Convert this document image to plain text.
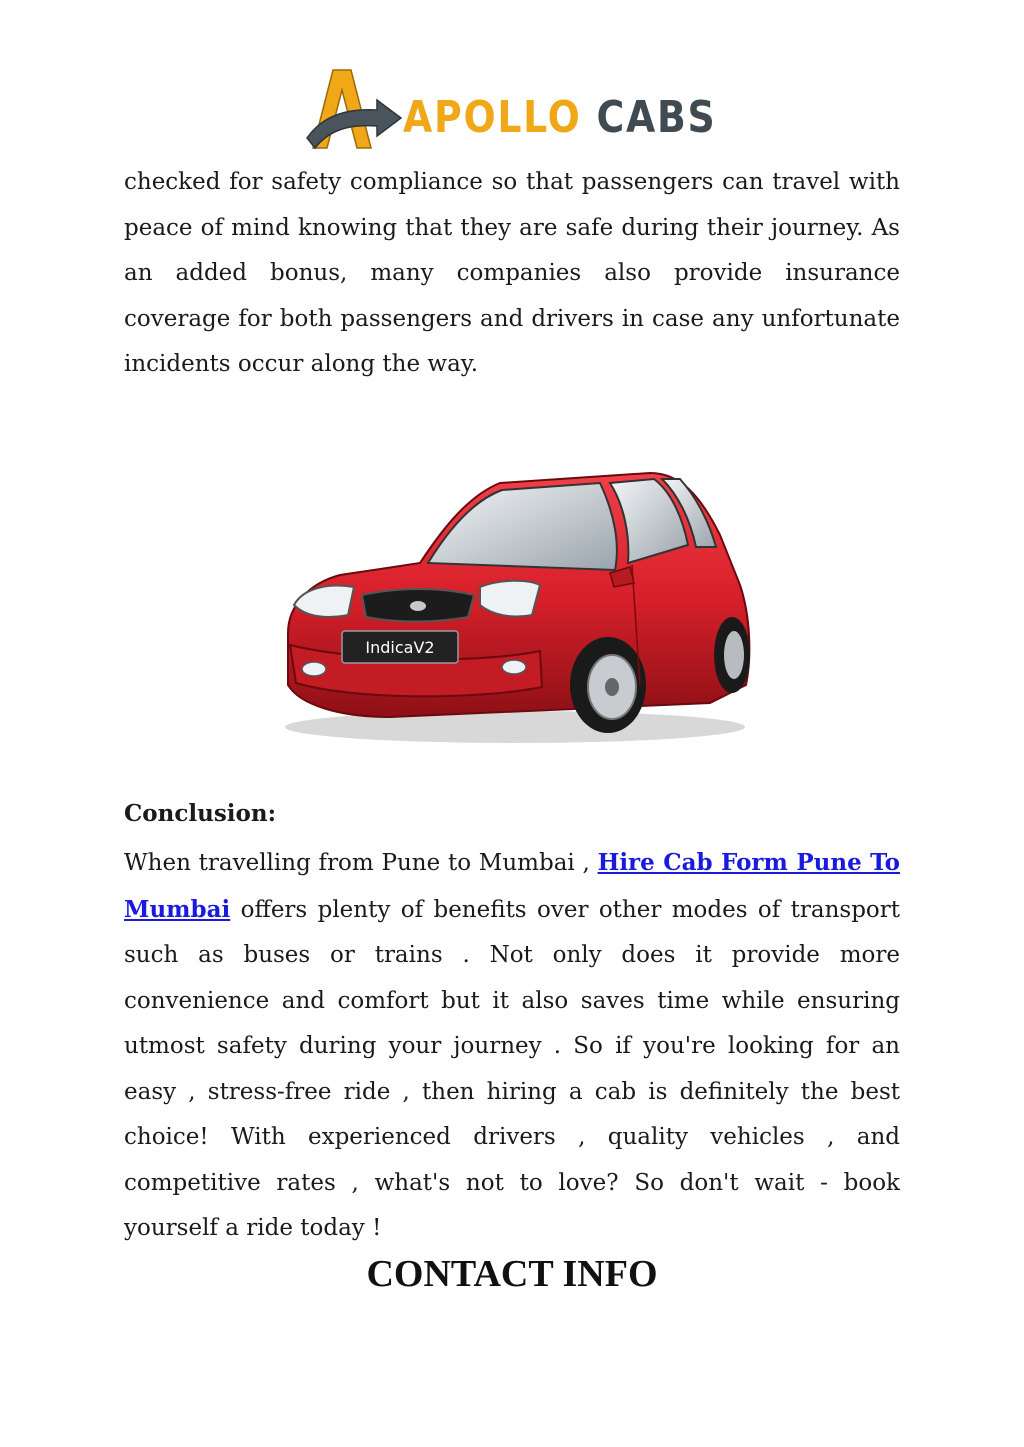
APOLLO CABS

checked for safety compliance so that passengers can travel with peace of mind knowing that they are safe during their journey. As an added bonus, many companies also provide insurance coverage for both passengers and drivers in case any unfortunate incidents occur along the way.

IndicaV2
Conclusion:

When travelling from Pune to Mumbai , Hire Cab Form Pune To Mumbai offers plenty of benefits over other modes of transport such as buses or trains . Not only does it provide more convenience and comfort but it also saves time while ensuring utmost safety during your journey . So if you're looking for an easy , stress-free ride , then hiring a cab is definitely the best choice! With experienced drivers , quality vehicles , and competitive rates , what's not to love? So don't wait - book yourself a ride today !

CONTACT INFO
